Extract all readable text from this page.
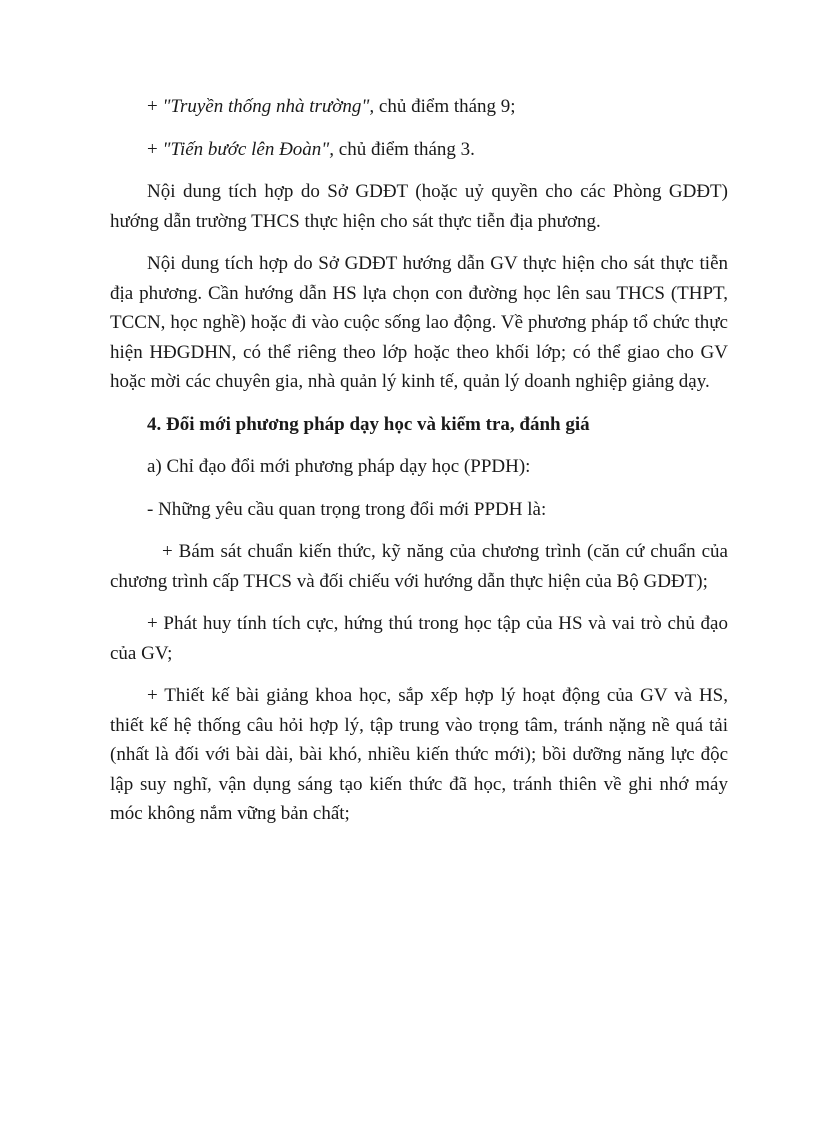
+ "Truyền thống nhà trường", chủ điểm tháng 9;

+ "Tiến bước lên Đoàn", chủ điểm tháng 3.

Nội dung tích hợp do Sở GDĐT (hoặc uỷ quyền cho các Phòng GDĐT) hướng dẫn trường THCS thực hiện cho sát thực tiễn địa phương.

Nội dung tích hợp do Sở GDĐT hướng dẫn GV thực hiện cho sát thực tiễn địa phương. Cần hướng dẫn HS lựa chọn con đường học lên sau THCS (THPT, TCCN, học nghề) hoặc đi vào cuộc sống lao động. Về phương pháp tổ chức thực hiện HĐGDHN, có thể riêng theo lớp hoặc theo khối lớp; có thể giao cho GV hoặc mời các chuyên gia, nhà quản lý kinh tế, quản lý doanh nghiệp giảng dạy.

4. Đổi mới phương pháp dạy học và kiểm tra, đánh giá

a) Chỉ đạo đổi mới phương pháp dạy học (PPDH):

- Những yêu cầu quan trọng trong đổi mới PPDH là:

+ Bám sát chuẩn kiến thức, kỹ năng của chương trình (căn cứ chuẩn của chương trình cấp THCS và đối chiếu với hướng dẫn thực hiện của Bộ GDĐT);

+ Phát huy tính tích cực, hứng thú trong học tập của HS và vai trò chủ đạo của GV;

+ Thiết kế bài giảng khoa học, sắp xếp hợp lý hoạt động của GV và HS, thiết kế hệ thống câu hỏi hợp lý, tập trung vào trọng tâm, tránh nặng nề quá tải (nhất là đối với bài dài, bài khó, nhiều kiến thức mới); bồi dưỡng năng lực độc lập suy nghĩ, vận dụng sáng tạo kiến thức đã học, tránh thiên về ghi nhớ máy móc không nắm vững bản chất;
